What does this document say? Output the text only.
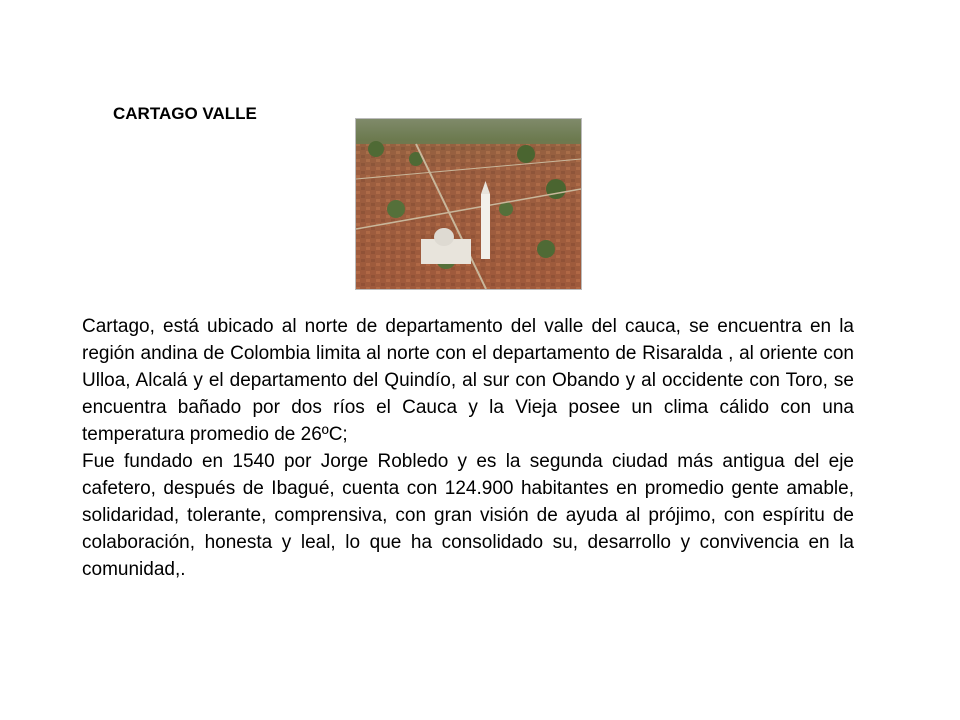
CARTAGO VALLE

Cartago, está ubicado al norte de departamento del valle del cauca, se encuentra en la región andina de Colombia limita al norte con el departamento de Risaralda , al oriente con Ulloa, Alcalá y el departamento del Quindío, al sur con Obando y al occidente con Toro, se encuentra bañado por dos ríos el Cauca y la Vieja posee un clima cálido con una temperatura promedio de 26ºC;

Fue fundado en 1540 por Jorge Robledo y es la segunda ciudad más antigua del eje cafetero, después de Ibagué, cuenta con 124.900 habitantes en promedio gente amable, solidaridad, tolerante, comprensiva, con gran visión de ayuda al prójimo, con espíritu de colaboración, honesta y leal, lo que ha consolidado su, desarrollo y convivencia en la comunidad,.
